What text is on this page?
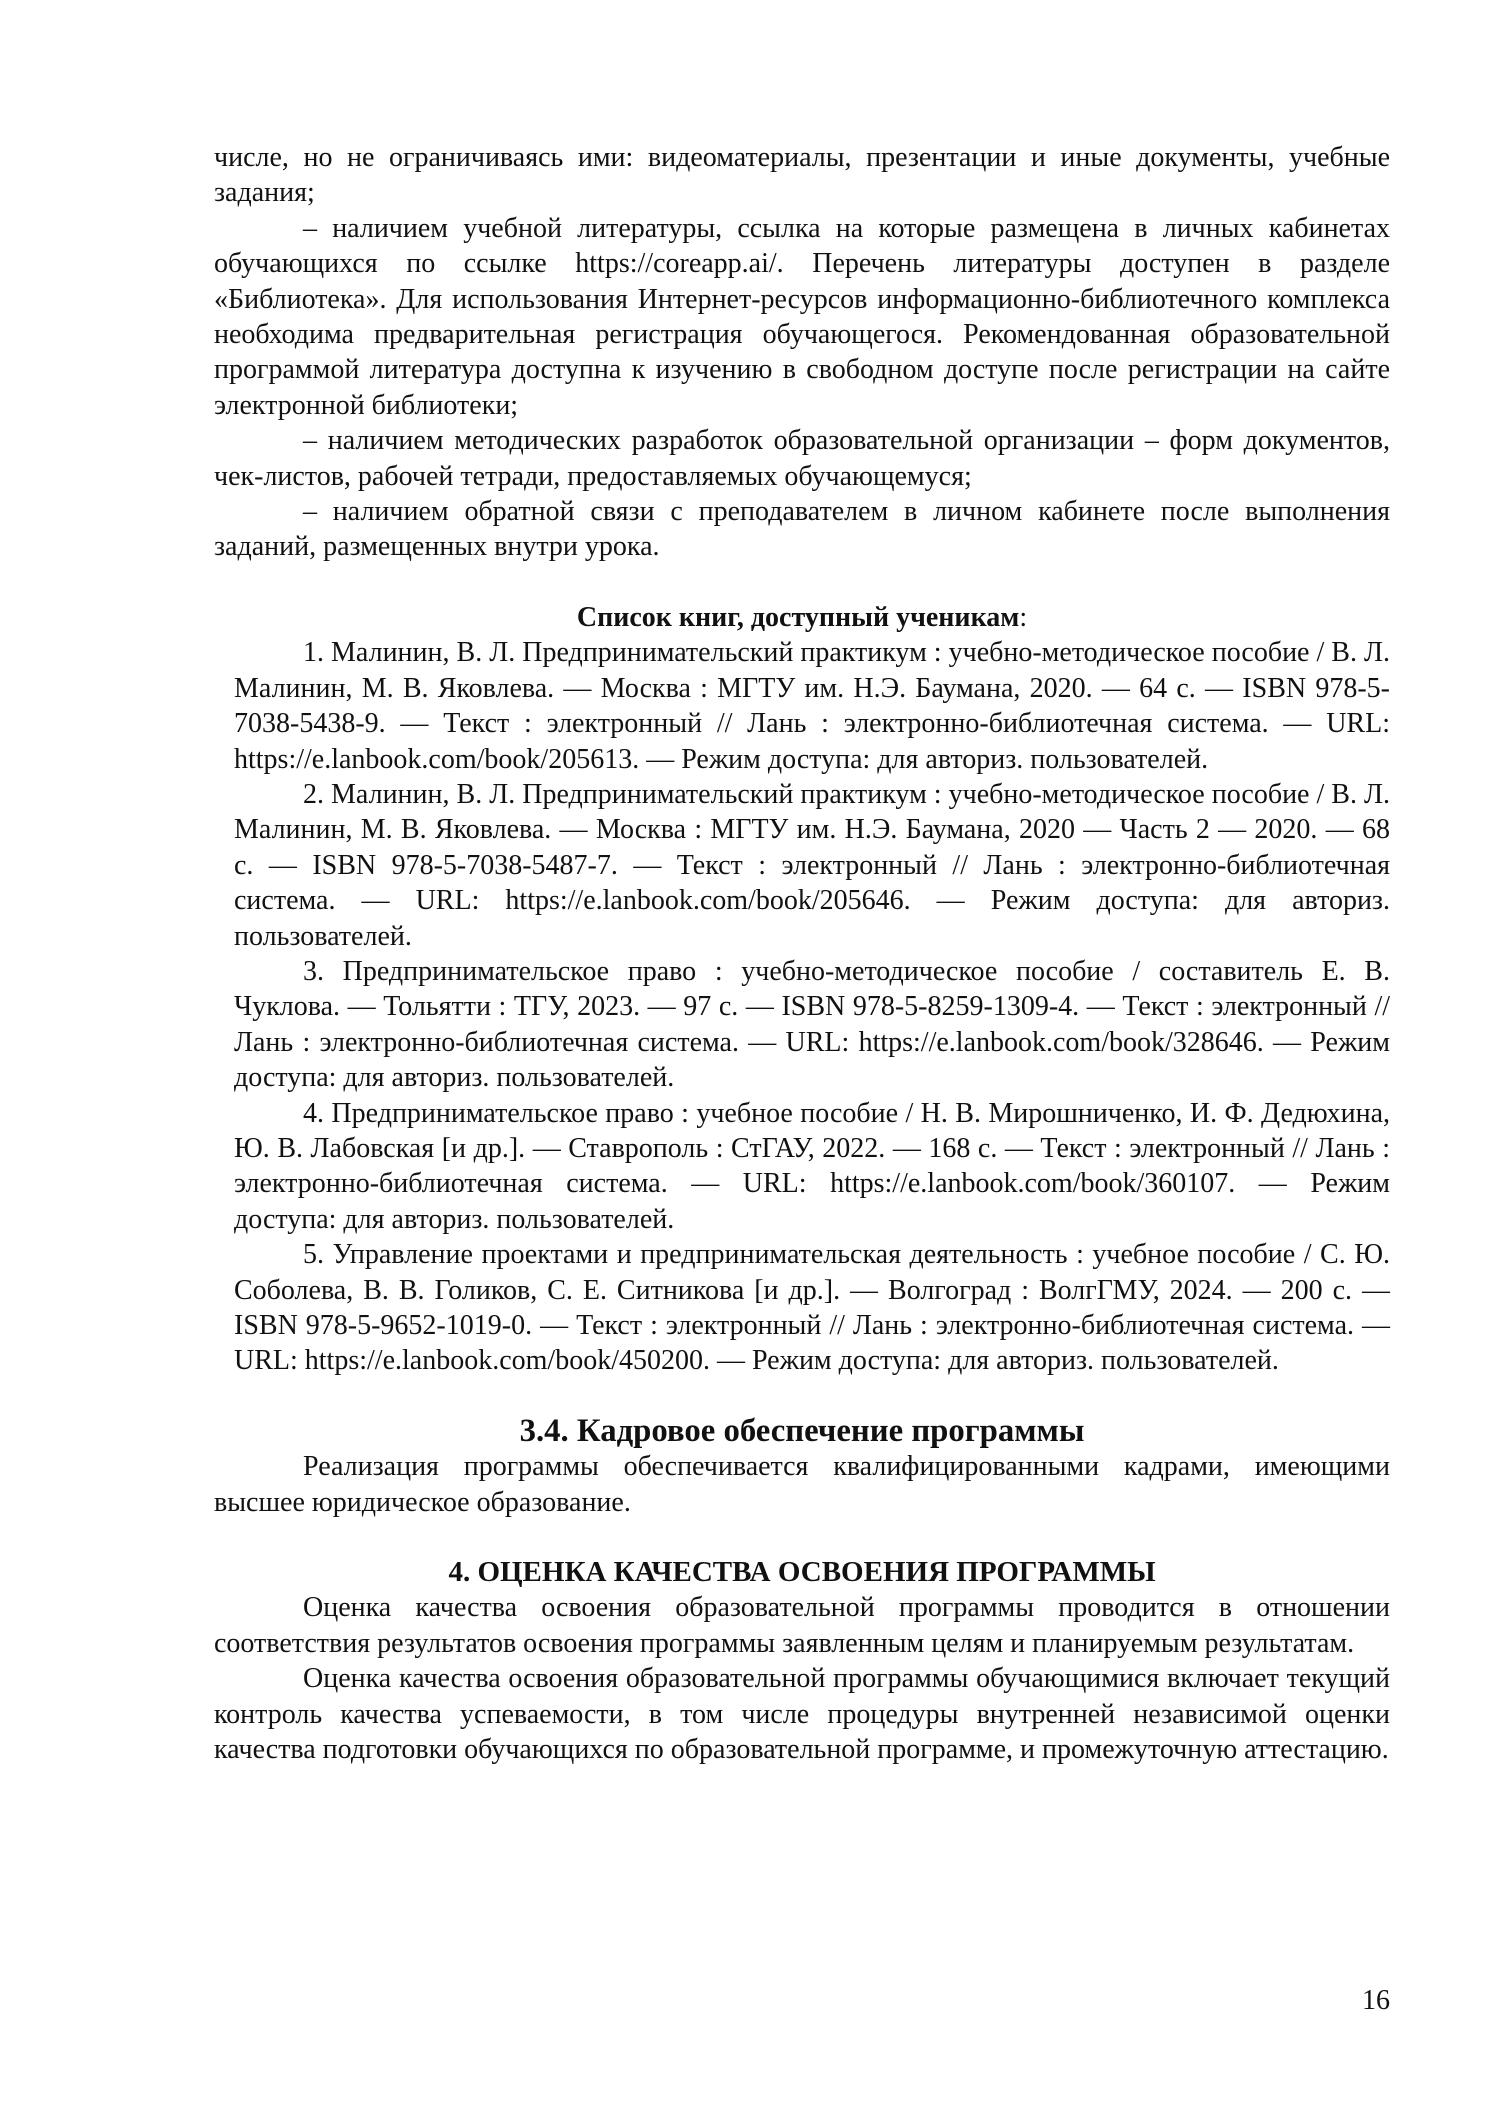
числе, но не ограничиваясь ими: видеоматериалы, презентации и иные документы, учебные задания;

– наличием учебной литературы, ссылка на которые размещена в личных кабинетах обучающихся по ссылке https://coreapp.ai/. Перечень литературы доступен в разделе «Библиотека». Для использования Интернет-ресурсов информационно-библиотечного комплекса необходима предварительная регистрация обучающегося. Рекомендованная образовательной программой литература доступна к изучению в свободном доступе после регистрации на сайте электронной библиотеки;

– наличием методических разработок образовательной организации – форм документов, чек-листов, рабочей тетради, предоставляемых обучающемуся;

– наличием обратной связи с преподавателем в личном кабинете после выполнения заданий, размещенных внутри урока.

Список книг, доступный ученикам:
1. Малинин, В. Л. Предпринимательский практикум : учебно-методическое пособие / В. Л. Малинин, М. В. Яковлева. — Москва : МГТУ им. Н.Э. Баумана, 2020. — 64 с. — ISBN 978-5-7038-5438-9. — Текст : электронный // Лань : электронно-библиотечная система. — URL: https://e.lanbook.com/book/205613. — Режим доступа: для авториз. пользователей.
2. Малинин, В. Л. Предпринимательский практикум : учебно-методическое пособие / В. Л. Малинин, М. В. Яковлева. — Москва : МГТУ им. Н.Э. Баумана, 2020 — Часть 2 — 2020. — 68 с. — ISBN 978-5-7038-5487-7. — Текст : электронный // Лань : электронно-библиотечная система. — URL: https://e.lanbook.com/book/205646. — Режим доступа: для авториз. пользователей.
3. Предпринимательское право : учебно-методическое пособие / составитель Е. В. Чуклова. — Тольятти : ТГУ, 2023. — 97 с. — ISBN 978-5-8259-1309-4. — Текст : электронный // Лань : электронно-библиотечная система. — URL: https://e.lanbook.com/book/328646. — Режим доступа: для авториз. пользователей.
4. Предпринимательское право : учебное пособие / Н. В. Мирошниченко, И. Ф. Дедюхина, Ю. В. Лабовская [и др.]. — Ставрополь : СтГАУ, 2022. — 168 с. — Текст : электронный // Лань : электронно-библиотечная система. — URL: https://e.lanbook.com/book/360107. — Режим доступа: для авториз. пользователей.
5. Управление проектами и предпринимательская деятельность : учебное пособие / С. Ю. Соболева, В. В. Голиков, С. Е. Ситникова [и др.]. — Волгоград : ВолгГМУ, 2024. — 200 с. — ISBN 978-5-9652-1019-0. — Текст : электронный // Лань : электронно-библиотечная система. — URL: https://e.lanbook.com/book/450200. — Режим доступа: для авториз. пользователей.
3.4. Кадровое обеспечение программы

Реализация программы обеспечивается квалифицированными кадрами, имеющими высшее юридическое образование.

4. ОЦЕНКА КАЧЕСТВА ОСВОЕНИЯ ПРОГРАММЫ

Оценка качества освоения образовательной программы проводится в отношении соответствия результатов освоения программы заявленным целям и планируемым результатам.

Оценка качества освоения образовательной программы обучающимися включает текущий контроль качества успеваемости, в том числе процедуры внутренней независимой оценки качества подготовки обучающихся по образовательной программе, и промежуточную аттестацию.

16
